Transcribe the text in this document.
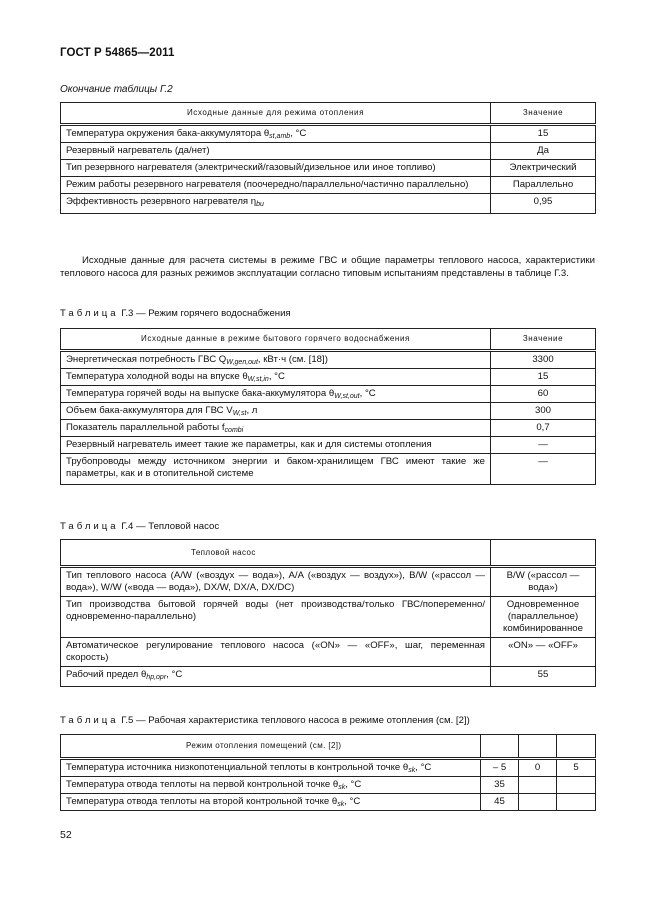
ГОСТ Р 54865—2011
Окончание таблицы Г.2
Исходные данные для режима отопления	Значение
Температура окружения бака-аккумулятора $\theta_{st,amb}$, °С	15
Резервный нагреватель (да/нет)	Да
Тип резервного нагревателя (электрический/газовый/дизельное или иное топливо)	Электрический
Режим работы резервного нагревателя (поочередно/параллельно/частично параллельно)	Параллельно
Эффективность резервного нагревателя $\eta_{bu}$	0,95

Исходные данные для расчета системы в режиме ГВС и общие параметры теплового насоса, характеристики теплового насоса для разных режимов эксплуатации согласно типовым испытаниям представлены в таблице Г.3.

Таблица Г.3 — Режим горячего водоснабжения
Исходные данные в режиме бытового горячего водоснабжения	Значение
Энергетическая потребность ГВС $Q_{W,gen,out}$, кВт·ч (см. [18])	3300
Температура холодной воды на впуске $\theta_{W,st,in}$, °С	15
Температура горячей воды на выпуске бака-аккумулятора $\theta_{W,st,out}$, °С	60
Объем бака-аккумулятора для ГВС $V_{W,st}$, л	300
Показатель параллельной работы $f_{combi}$	0,7
Резервный нагреватель имеет такие же параметры, как и для системы отопления	—
Трубопроводы между источником энергии и баком-хранилищем ГВС имеют такие же параметры, как и в отопительной системе	—
Таблица Г.4 — Тепловой насос
Тепловой насос	
Тип теплового насоса (A/W («воздух — вода»), A/A («воздух — воздух»), B/W («рассол — вода»), W/W («вода — вода»), DX/W, DX/A, DX/DC)	B/W («рассол — вода»)
Тип производства бытовой горячей воды (нет производства/только ГВС/попеременно/одновременно-параллельно)	Одновременное (параллельное) комбинированное
Автоматическое регулирование теплового насоса («ON» — «OFF», шаг, переменная скорость)	«ON» — «OFF»
Рабочий предел $\theta_{hp,opr}$, °С	55
Таблица Г.5 — Рабочая характеристика теплового насоса в режиме отопления (см. [2])
Режим отопления помещений (см. [2])			
Температура источника низкопотенциальной теплоты в контрольной точке $\theta_{sk}$, °С	– 5	0	5
Температура отвода теплоты на первой контрольной точке $\theta_{sk}$, °С	35		
Температура отвода теплоты на второй контрольной точке $\theta_{sk}$, °С	45		
52
